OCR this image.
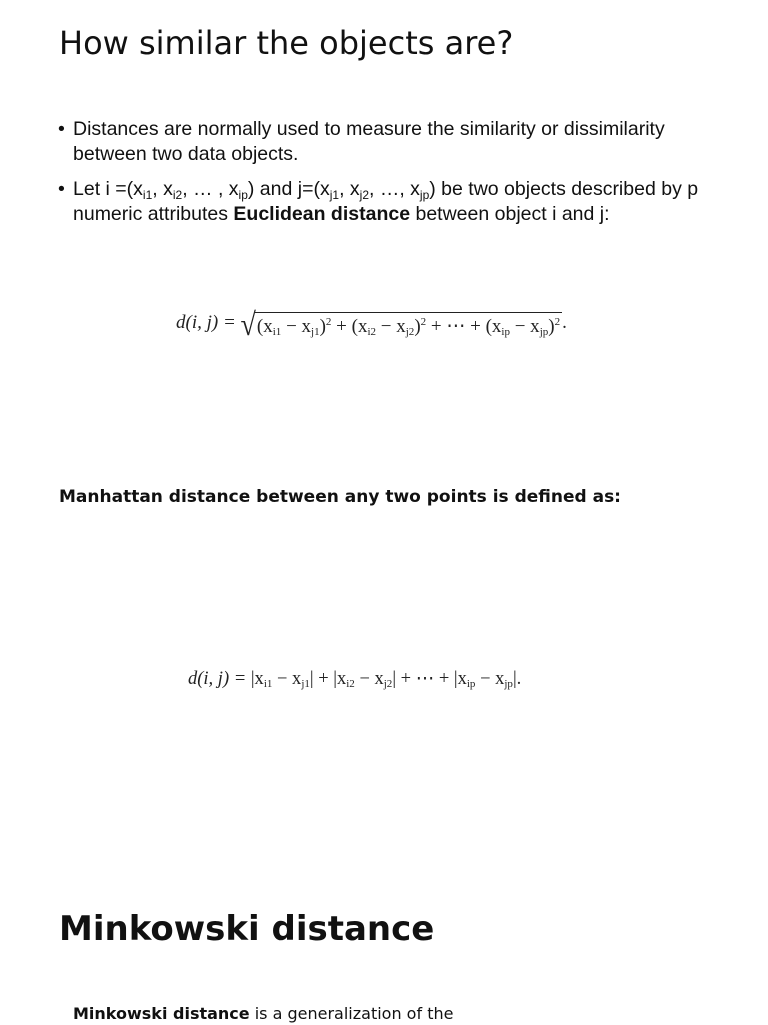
How similar the objects are?
• Distances are normally used to measure the similarity or dissimilarity between two data objects.
• Let $i =(x_{i1}$, $x_{i2}$, … , $x_{ip}$) and $j=(x_{j1}$, $x_{j2}$, …, $x_{jp}$) be two objects described by p numeric attributes Euclidean distance between object i and j:
d(i, $j) = √(x_{i1} - x_{j1})^2 + (x_{i2} - x_{j2})^2$ + ⋯ + $(x_{ip} - x_{jp})^2$ .

Manhattan distance between any two points is defined as:

d(i, $j) = |x_{i1} - x_{j1}| + |x_{i2} - x_{j2}|$ + ⋯ + $|x_{ip} - x_{jp}|$.
Minkowski distance

Minkowski distance is a generalization of the
